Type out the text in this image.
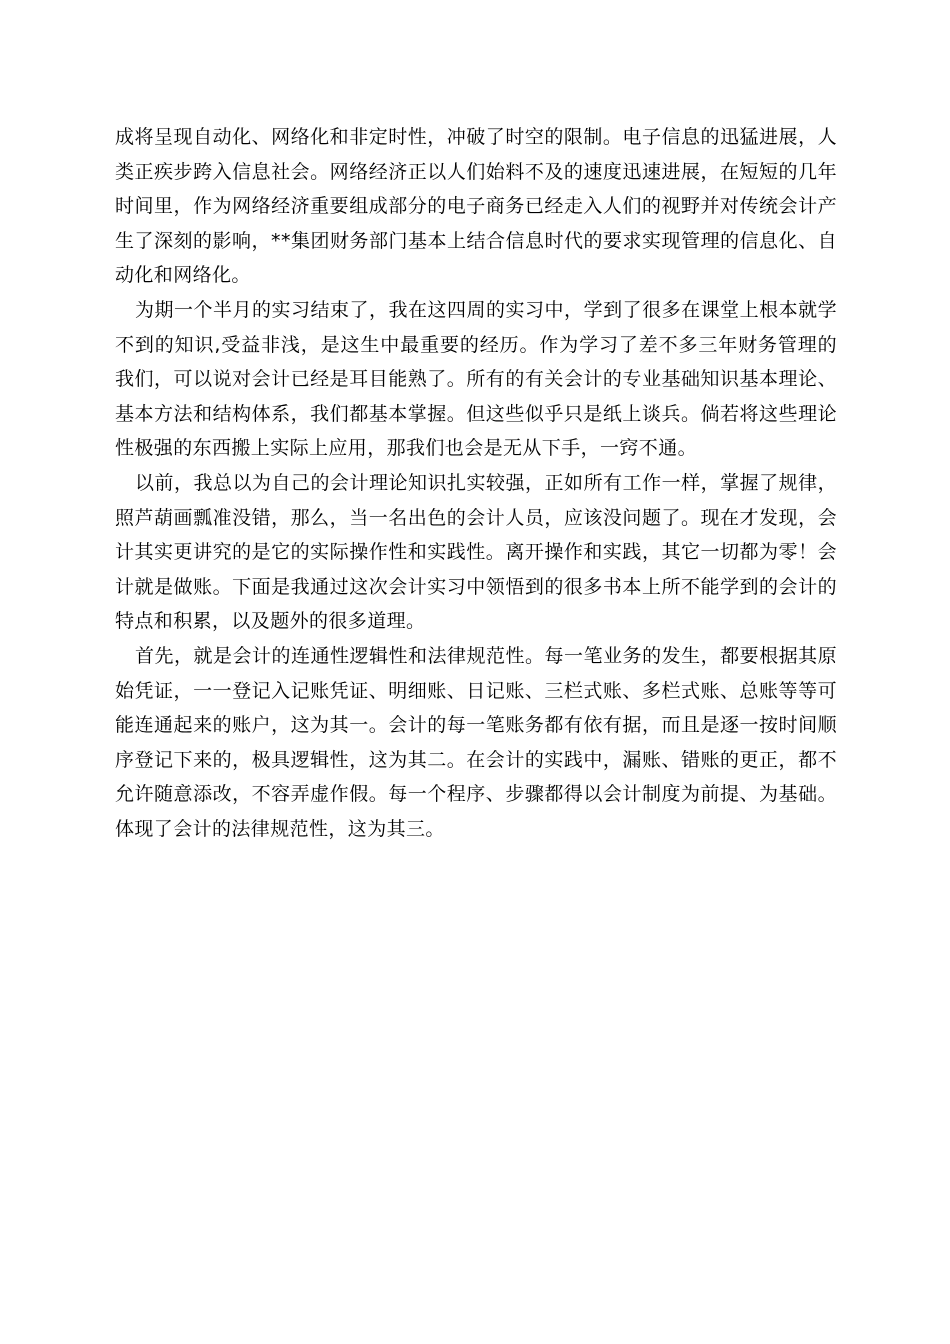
成将呈现自动化、网络化和非定时性，冲破了时空的限制。电子信息的迅猛进展，人类正疾步跨入信息社会。网络经济正以人们始料不及的速度迅速进展，在短短的几年时间里，作为网络经济重要组成部分的电子商务已经走入人们的视野并对传统会计产生了深刻的影响，**集团财务部门基本上结合信息时代的要求实现管理的信息化、自动化和网络化。

为期一个半月的实习结束了，我在这四周的实习中，学到了很多在课堂上根本就学不到的知识,受益非浅，是这生中最重要的经历。作为学习了差不多三年财务管理的我们，可以说对会计已经是耳目能熟了。所有的有关会计的专业基础知识基本理论、基本方法和结构体系，我们都基本掌握。但这些似乎只是纸上谈兵。倘若将这些理论性极强的东西搬上实际上应用，那我们也会是无从下手，一窍不通。

以前，我总以为自己的会计理论知识扎实较强，正如所有工作一样，掌握了规律，照芦葫画瓢准没错，那么，当一名出色的会计人员，应该没问题了。现在才发现，会计其实更讲究的是它的实际操作性和实践性。离开操作和实践，其它一切都为零！会计就是做账。下面是我通过这次会计实习中领悟到的很多书本上所不能学到的会计的特点和积累，以及题外的很多道理。

首先，就是会计的连通性逻辑性和法律规范性。每一笔业务的发生，都要根据其原始凭证，一一登记入记账凭证、明细账、日记账、三栏式账、多栏式账、总账等等可能连通起来的账户，这为其一。会计的每一笔账务都有依有据，而且是逐一按时间顺序登记下来的，极具逻辑性，这为其二。在会计的实践中，漏账、错账的更正，都不允许随意添改，不容弄虚作假。每一个程序、步骤都得以会计制度为前提、为基础。体现了会计的法律规范性，这为其三。
